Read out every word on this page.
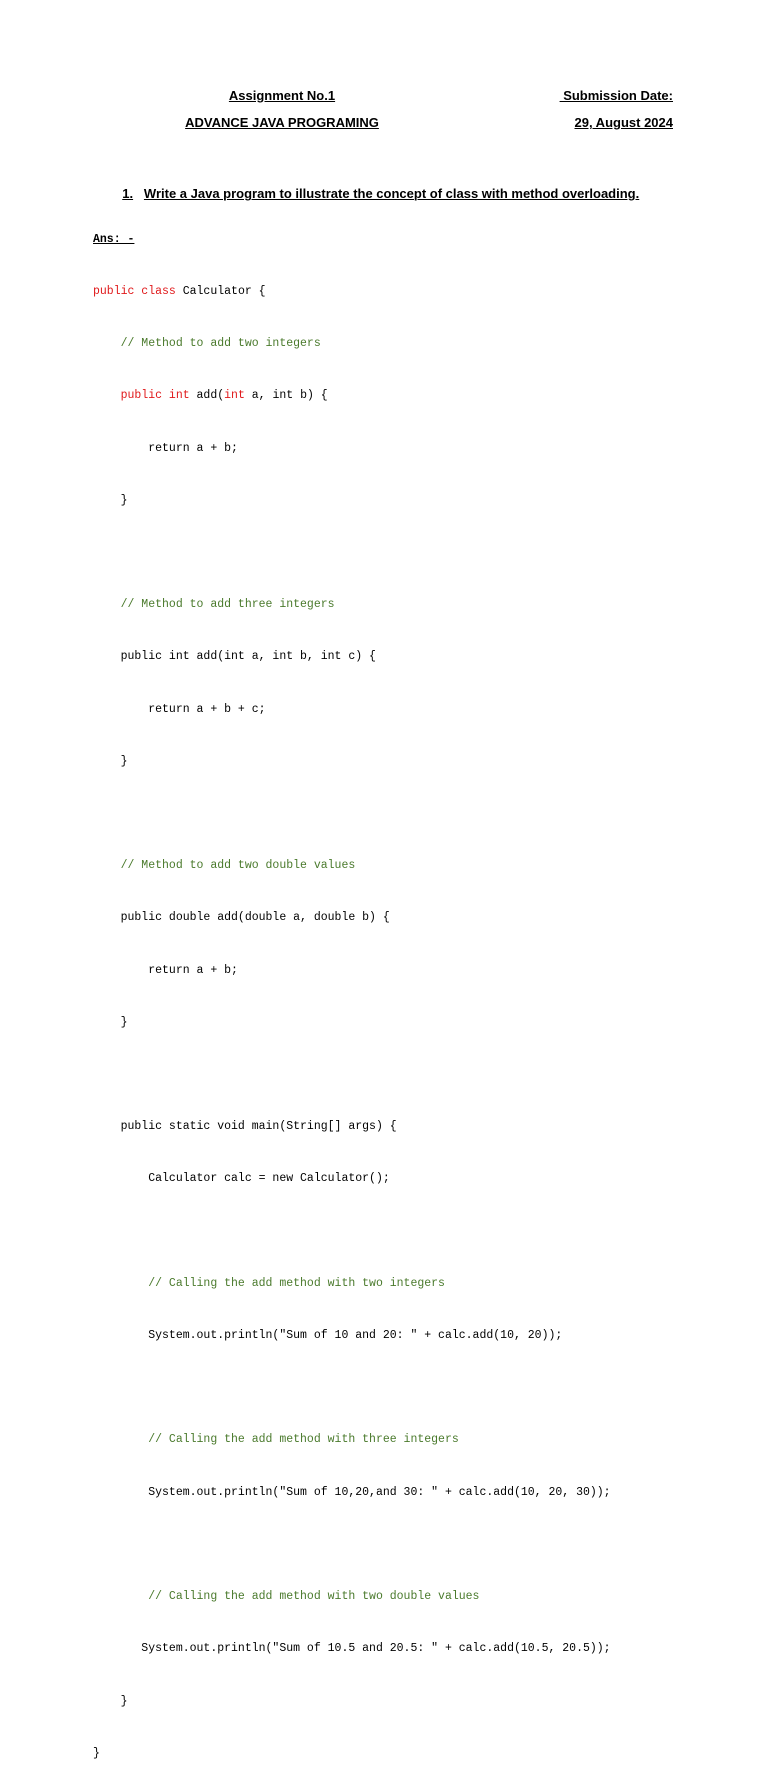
Assignment No.1	Submission Date:
ADVANCE JAVA PROGRAMING	29, August 2024

1. Write a Java program to illustrate the concept of class with method overloading.

Ans: -

public class Calculator {

// Method to add two integers

public int add(int a, int b) {

return a + b;

}

// Method to add three integers

public int add(int a, int b, int c) {

return a + b + c;

}

// Method to add two double values

public double add(double a, double b) {

return a + b;

}

public static void main(String[] args) {

Calculator calc = new Calculator();

// Calling the add method with two integers

System.out.println("Sum of 10 and 20: " + calc.add(10, 20));

// Calling the add method with three integers

System.out.println("Sum of 10,20,and 30: " + calc.add(10, 20, 30));

// Calling the add method with two double values

System.out.println("Sum of 10.5 and 20.5: " + calc.add(10.5, 20.5));

}

}
